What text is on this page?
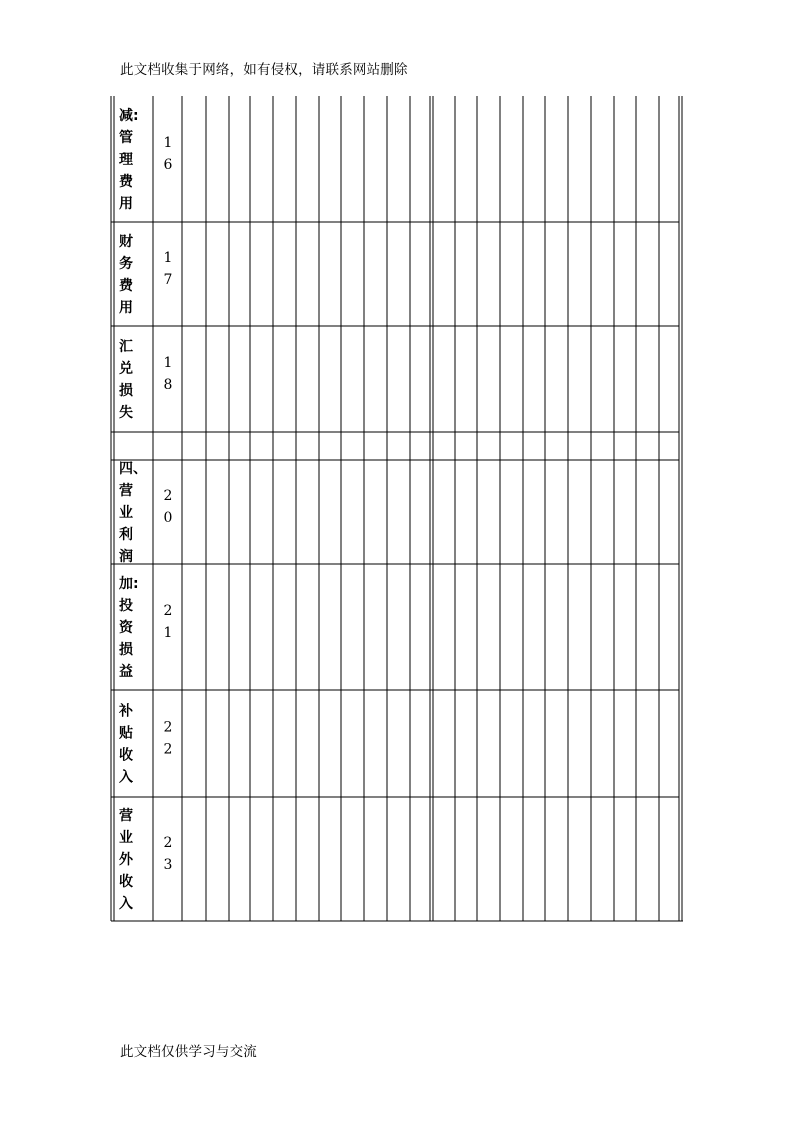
此文档收集于网络，如有侵权，请联系网站删除
减:
管
理
费
用
1
6
财
务
费
用
1
7
汇
兑
损
失
1
8
四、
营
业
利
润
2
0
加:
投
资
损
益
2
1
补
贴
收
入
2
2
营
业
外
收
入
2
3
此文档仅供学习与交流
